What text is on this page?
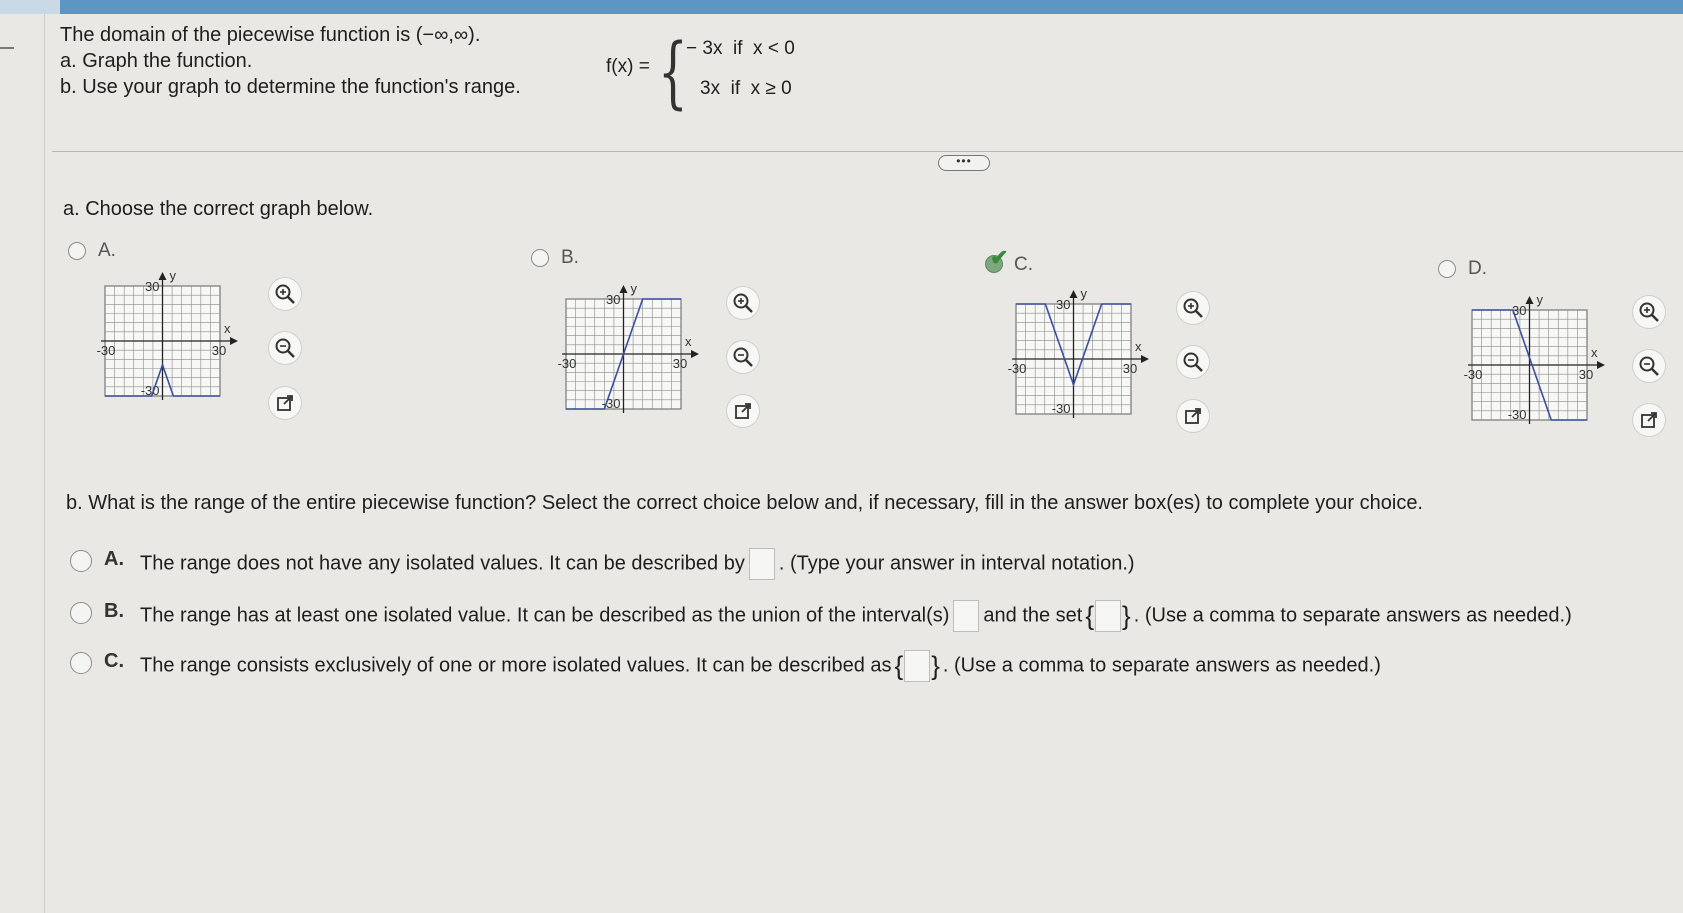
The domain of the piecewise function is (−∞,∞).
a. Graph the function.
b. Use your graph to determine the function's range.
f(x) = {
− 3x  if  x < 0
3x  if  x ≥ 0
•••
a. Choose the correct graph below.
A.
y
x
30
-30
-30	30
B.
y
x
30
-30
-30	30
✔ C.
y
x
30
-30
-30	30
D.
y
x
30
-30
-30	30
b. What is the range of the entire piecewise function? Select the correct choice below and, if necessary, fill in the answer box(es) to complete your choice.
A. The range does not have any isolated values. It can be described by . (Type your answer in interval notation.)
B. The range has at least one isolated value. It can be described as the union of the interval(s) and the set { } . (Use a comma to separate answers as needed.)
C. The range consists exclusively of one or more isolated values. It can be described as { } . (Use a comma to separate answers as needed.)
